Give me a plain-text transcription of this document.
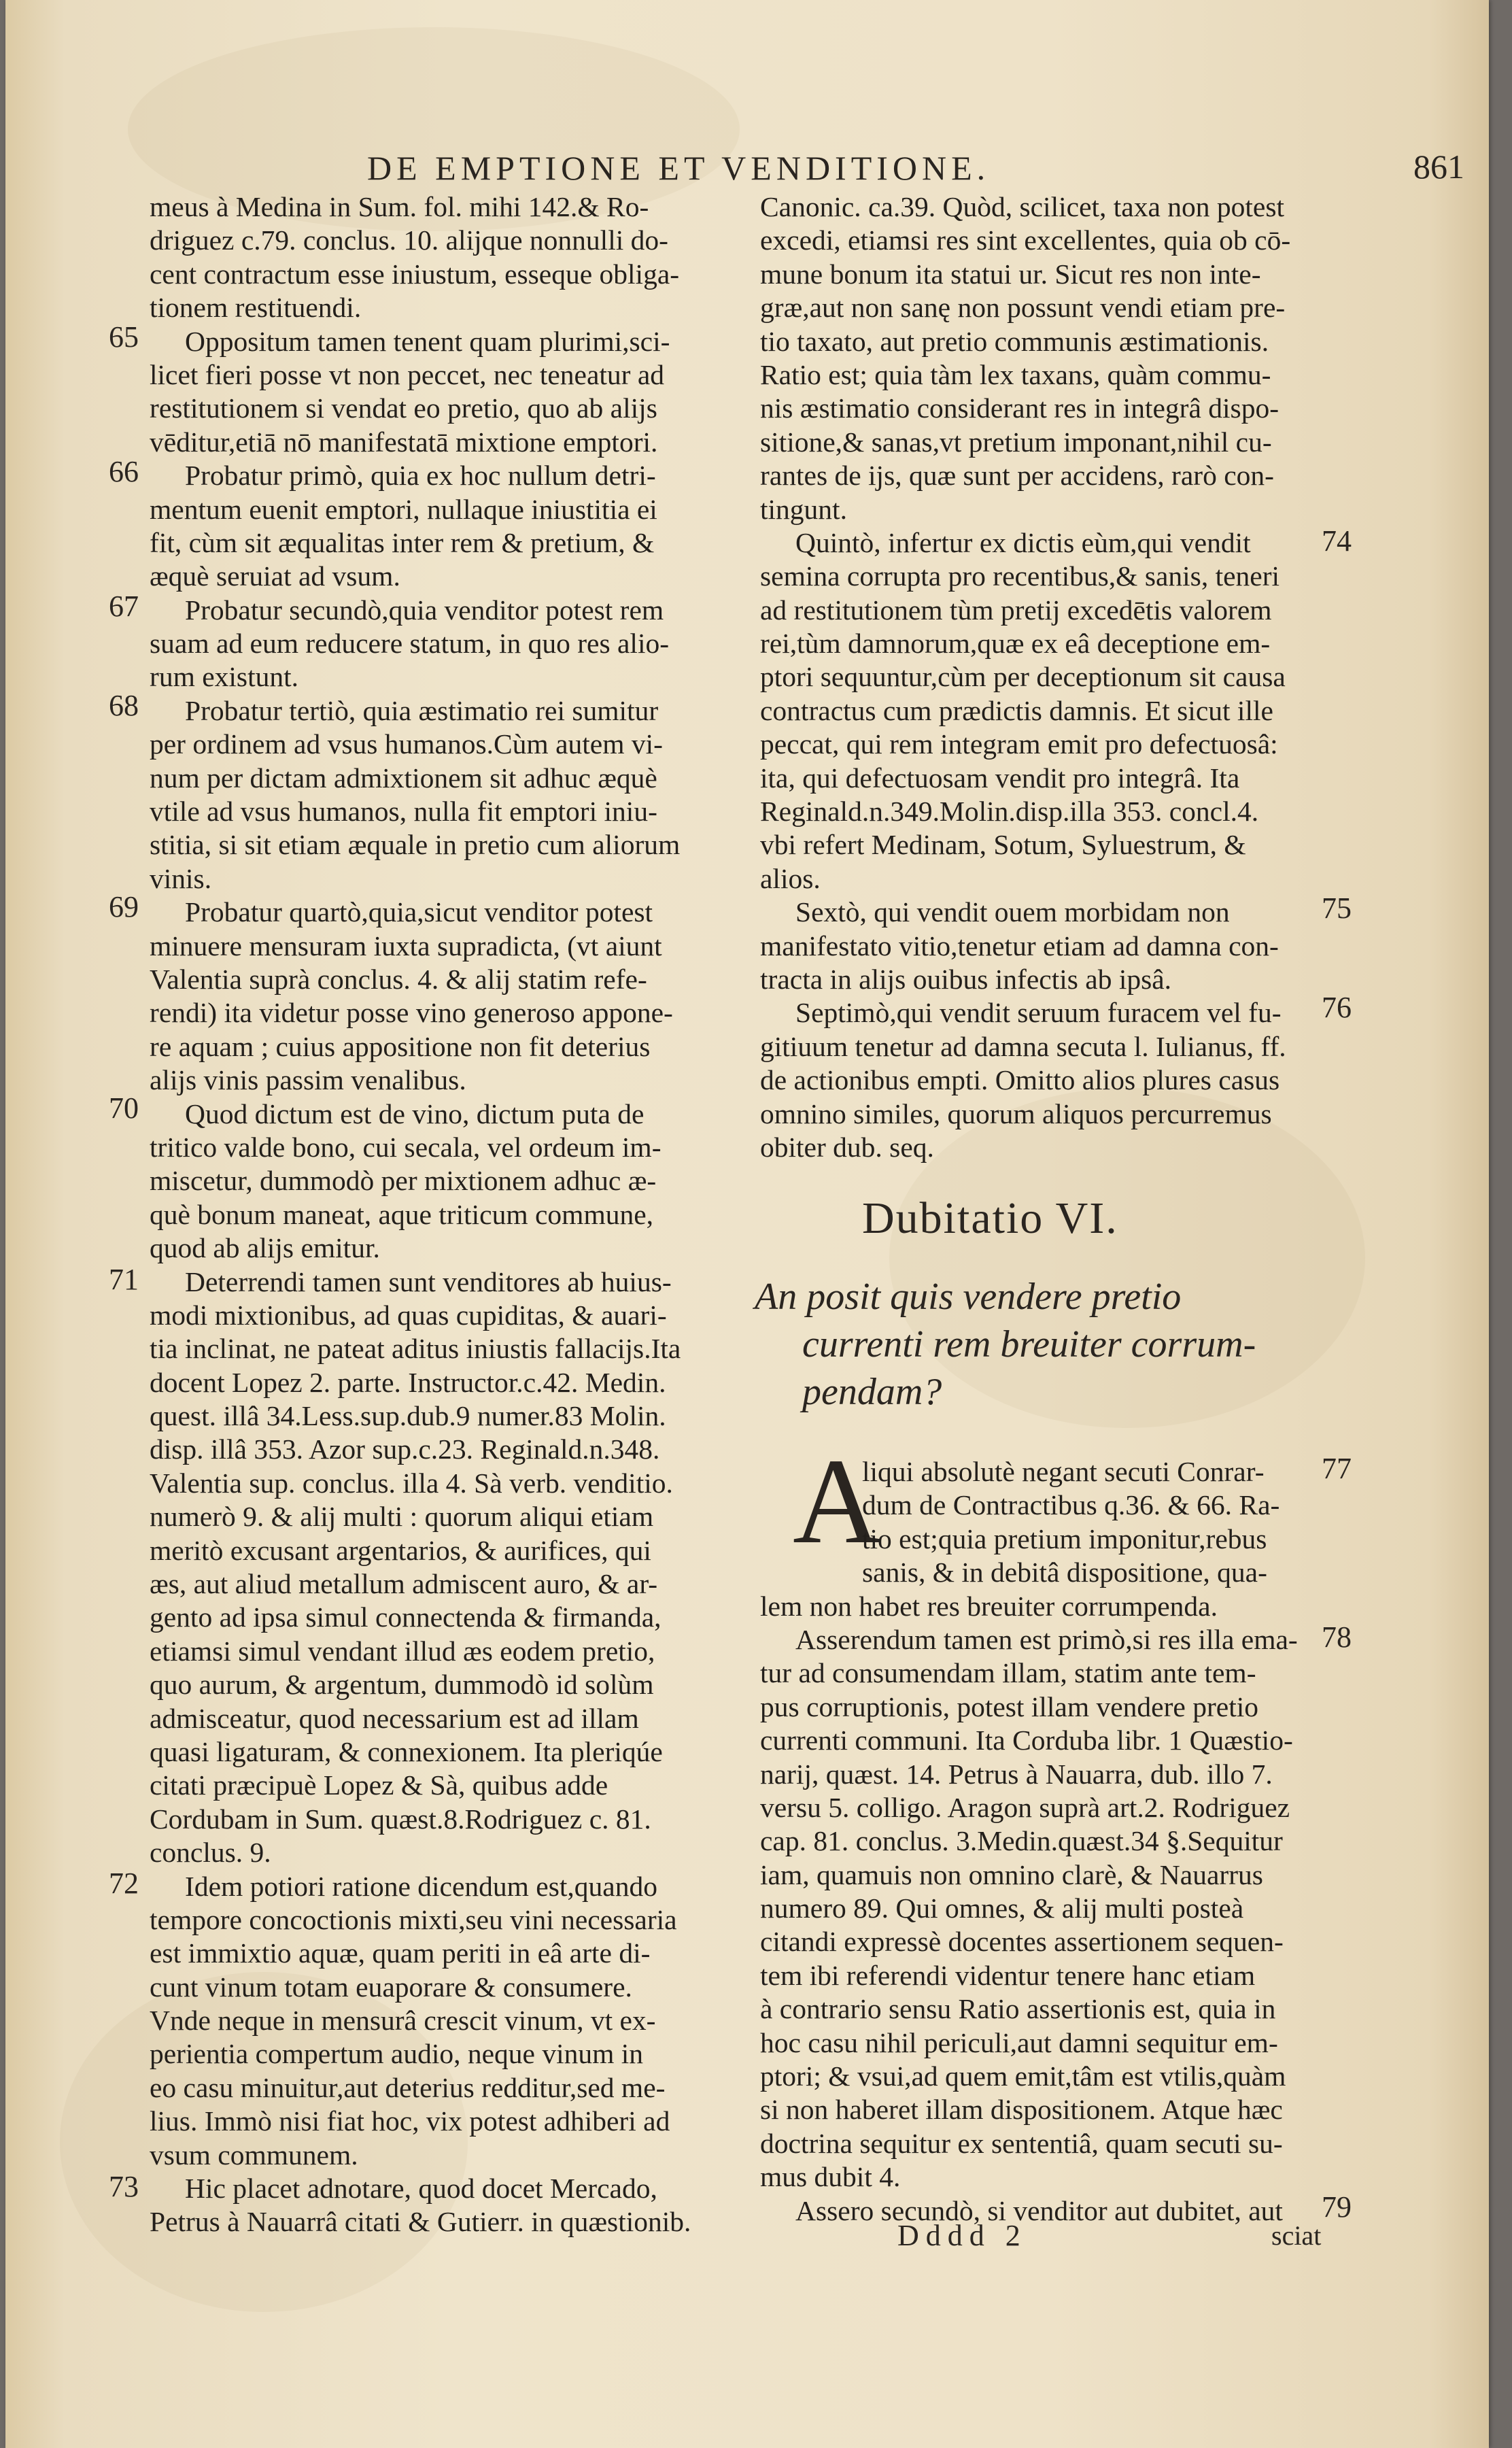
DE EMPTIONE ET VENDITIONE.	861
meus à Medina in Sum. fol. mihi 142.& Ro-
driguez c.79. conclus. 10. alijque nonnulli do-
cent contractum esse iniustum, esseque obliga-
tionem restituendi.
Oppositum tamen tenent quam plurimi,sci-
licet fieri posse vt non peccet, nec teneatur ad
restitutionem si vendat eo pretio, quo ab alijs
vēditur,etiā nō manifestatā mixtione emptori.
Probatur primò, quia ex hoc nullum detri-
mentum euenit emptori, nullaque iniustitia ei
fit, cùm sit æqualitas inter rem & pretium, &
æquè seruiat ad vsum.
Probatur secundò,quia venditor potest rem
suam ad eum reducere statum, in quo res alio-
rum existunt.
Probatur tertiò, quia æstimatio rei sumitur
per ordinem ad vsus humanos.Cùm autem vi-
num per dictam admixtionem sit adhuc æquè
vtile ad vsus humanos, nulla fit emptori iniu-
stitia, si sit etiam æquale in pretio cum aliorum
vinis.
Probatur quartò,quia,sicut venditor potest
minuere mensuram iuxta supradicta, (vt aiunt
Valentia suprà conclus. 4. & alij statim refe-
rendi) ita videtur posse vino generoso appone-
re aquam ; cuius appositione non fit deterius
alijs vinis passim venalibus.
Quod dictum est de vino, dictum puta de
tritico valde bono, cui secala, vel ordeum im-
miscetur, dummodò per mixtionem adhuc æ-
què bonum maneat, aque triticum commune,
quod ab alijs emitur.
Deterrendi tamen sunt venditores ab huius-
modi mixtionibus, ad quas cupiditas, & auari-
tia inclinat, ne pateat aditus iniustis fallacijs.Ita
docent Lopez 2. parte. Instructor.c.42. Medin.
quest. illâ 34.Less.sup.dub.9 numer.83 Molin.
disp. illâ 353. Azor sup.c.23. Reginald.n.348.
Valentia sup. conclus. illa 4. Sà verb. venditio.
numerò 9. & alij multi : quorum aliqui etiam
meritò excusant argentarios, & aurifices, qui
æs, aut aliud metallum admiscent auro, & ar-
gento ad ipsa simul connectenda & firmanda,
etiamsi simul vendant illud æs eodem pretio,
quo aurum, & argentum, dummodò id solùm
admisceatur, quod necessarium est ad illam
quasi ligaturam, & connexionem. Ita pleriqúe
citati præcipuè Lopez & Sà, quibus adde
Cordubam in Sum. quæst.8.Rodriguez c. 81.
conclus. 9.
Idem potiori ratione dicendum est,quando
tempore concoctionis mixti,seu vini necessaria
est immixtio aquæ, quam periti in eâ arte di-
cunt vinum totam euaporare & consumere.
Vnde neque in mensurâ crescit vinum, vt ex-
perientia compertum audio, neque vinum in
eo casu minuitur,aut deterius redditur,sed me-
lius. Immò nisi fiat hoc, vix potest adhiberi ad
vsum communem.
Hic placet adnotare, quod docet Mercado,
Petrus à Nauarrâ citati & Gutierr. in quæstionib.
65
66
67
68
69
70
71
72
73
Canonic. ca.39. Quòd, scilicet, taxa non potest
excedi, etiamsi res sint excellentes, quia ob cō-
mune bonum ita statui ur. Sicut res non inte-
græ,aut non sanę non possunt vendi etiam pre-
tio taxato, aut pretio communis æstimationis.
Ratio est; quia tàm lex taxans, quàm commu-
nis æstimatio considerant res in integrâ dispo-
sitione,& sanas,vt pretium imponant,nihil cu-
rantes de ijs, quæ sunt per accidens, rarò con-
tingunt.
Quintò, infertur ex dictis eùm,qui vendit
semina corrupta pro recentibus,& sanis, teneri
ad restitutionem tùm pretij excedētis valorem
rei,tùm damnorum,quæ ex eâ deceptione em-
ptori sequuntur,cùm per deceptionum sit causa
contractus cum prædictis damnis. Et sicut ille
peccat, qui rem integram emit pro defectuosâ:
ita, qui defectuosam vendit pro integrâ. Ita
Reginald.n.349.Molin.disp.illa 353. concl.4.
vbi refert Medinam, Sotum, Syluestrum, &
alios.
Sextò, qui vendit ouem morbidam non
manifestato vitio,tenetur etiam ad damna con-
tracta in alijs ouibus infectis ab ipsâ.
Septimò,qui vendit seruum furacem vel fu-
gitiuum tenetur ad damna secuta l. Iulianus, ff.
de actionibus empti. Omitto alios plures casus
omnino similes, quorum aliquos percurremus
obiter dub. seq.
Dubitatio VI.
An posit quis vendere pretio
currenti rem breuiter corrum-
pendam?
A
liqui absolutè negant secuti Conrar-
dum de Contractibus q.36. & 66. Ra-
tio est;quia pretium imponitur,rebus
sanis, & in debitâ dispositione, qua-
lem non habet res breuiter corrumpenda.
Asserendum tamen est primò,si res illa ema-
tur ad consumendam illam, statim ante tem-
pus corruptionis, potest illam vendere pretio
currenti communi. Ita Corduba libr. 1 Quæstio-
narij, quæst. 14. Petrus à Nauarra, dub. illo 7.
versu 5. colligo. Aragon suprà art.2. Rodriguez
cap. 81. conclus. 3.Medin.quæst.34 §.Sequitur
iam, quamuis non omnino clarè, & Nauarrus
numero 89. Qui omnes, & alij multi posteà
citandi expressè docentes assertionem sequen-
tem ibi referendi videntur tenere hanc etiam
à contrario sensu Ratio assertionis est, quia in
hoc casu nihil periculi,aut damni sequitur em-
ptori; & vsui,ad quem emit,tâm est vtilis,quàm
si non haberet illam dispositionem. Atque hæc
doctrina sequitur ex sententiâ, quam secuti su-
mus dubit 4.
Assero secundò, si venditor aut dubitet, aut
74
75
76
77
78
79
Dddd 2	sciat
